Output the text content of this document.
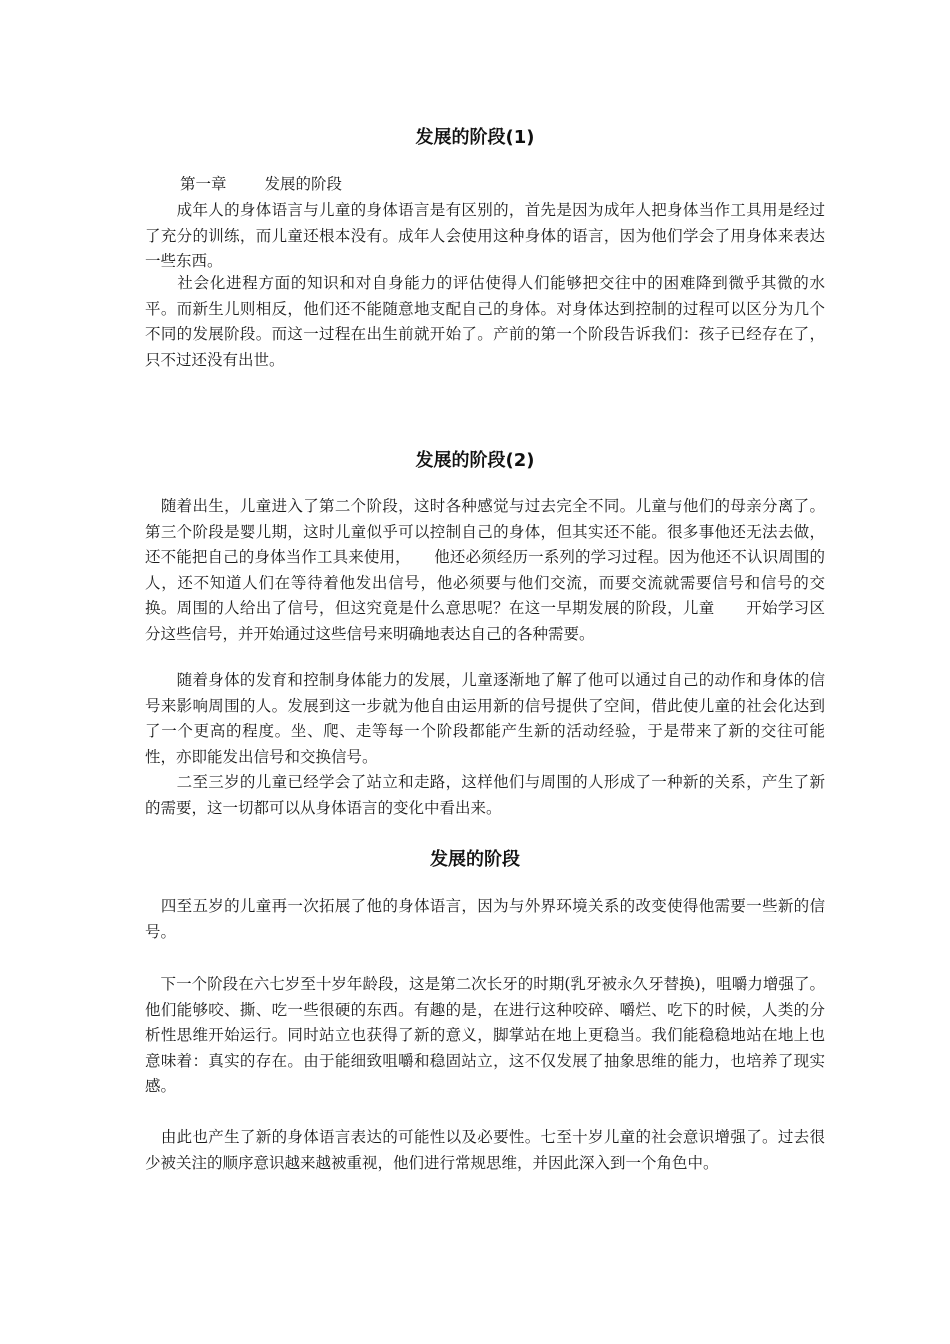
发展的阶段(1)
第一章 发展的阶段

　　成年人的身体语言与儿童的身体语言是有区别的，首先是因为成年人把身体当作工具用是经过了充分的训练，而儿童还根本没有。成年人会使用这种身体的语言，因为他们学会了用身体来表达一些东西。

　　社会化进程方面的知识和对自身能力的评估使得人们能够把交往中的困难降到微乎其微的水平。而新生儿则相反，他们还不能随意地支配自己的身体。对身体达到控制的过程可以区分为几个不同的发展阶段。而这一过程在出生前就开始了。产前的第一个阶段告诉我们：孩子已经存在了，只不过还没有出世。

发展的阶段(2)

　随着出生，儿童进入了第二个阶段，这时各种感觉与过去完全不同。儿童与他们的母亲分离了。第三个阶段是婴儿期，这时儿童似乎可以控制自己的身体，但其实还不能。很多事他还无法去做，还不能把自己的身体当作工具来使用，　　他还必须经历一系列的学习过程。因为他还不认识周围的人，还不知道人们在等待着他发出信号，他必须要与他们交流，而要交流就需要信号和信号的交换。周围的人给出了信号，但这究竟是什么意思呢？在这一早期发展的阶段，儿童　　开始学习区分这些信号，并开始通过这些信号来明确地表达自己的各种需要。

　　随着身体的发育和控制身体能力的发展，儿童逐渐地了解了他可以通过自己的动作和身体的信号来影响周围的人。发展到这一步就为他自由运用新的信号提供了空间，借此使儿童的社会化达到了一个更高的程度。坐、爬、走等每一个阶段都能产生新的活动经验，于是带来了新的交往可能性，亦即能发出信号和交换信号。

　　二至三岁的儿童已经学会了站立和走路，这样他们与周围的人形成了一种新的关系，产生了新的需要，这一切都可以从身体语言的变化中看出来。

发展的阶段

　四至五岁的儿童再一次拓展了他的身体语言，因为与外界环境关系的改变使得他需要一些新的信号。

　下一个阶段在六七岁至十岁年龄段，这是第二次长牙的时期(乳牙被永久牙替换)，咀嚼力增强了。他们能够咬、撕、吃一些很硬的东西。有趣的是，在进行这种咬碎、嚼烂、吃下的时候，人类的分析性思维开始运行。同时站立也获得了新的意义，脚掌站在地上更稳当。我们能稳稳地站在地上也意味着：真实的存在。由于能细致咀嚼和稳固站立，这不仅发展了抽象思维的能力，也培养了现实感。

　由此也产生了新的身体语言表达的可能性以及必要性。七至十岁儿童的社会意识增强了。过去很少被关注的顺序意识越来越被重视，他们进行常规思维，并因此深入到一个角色中。
